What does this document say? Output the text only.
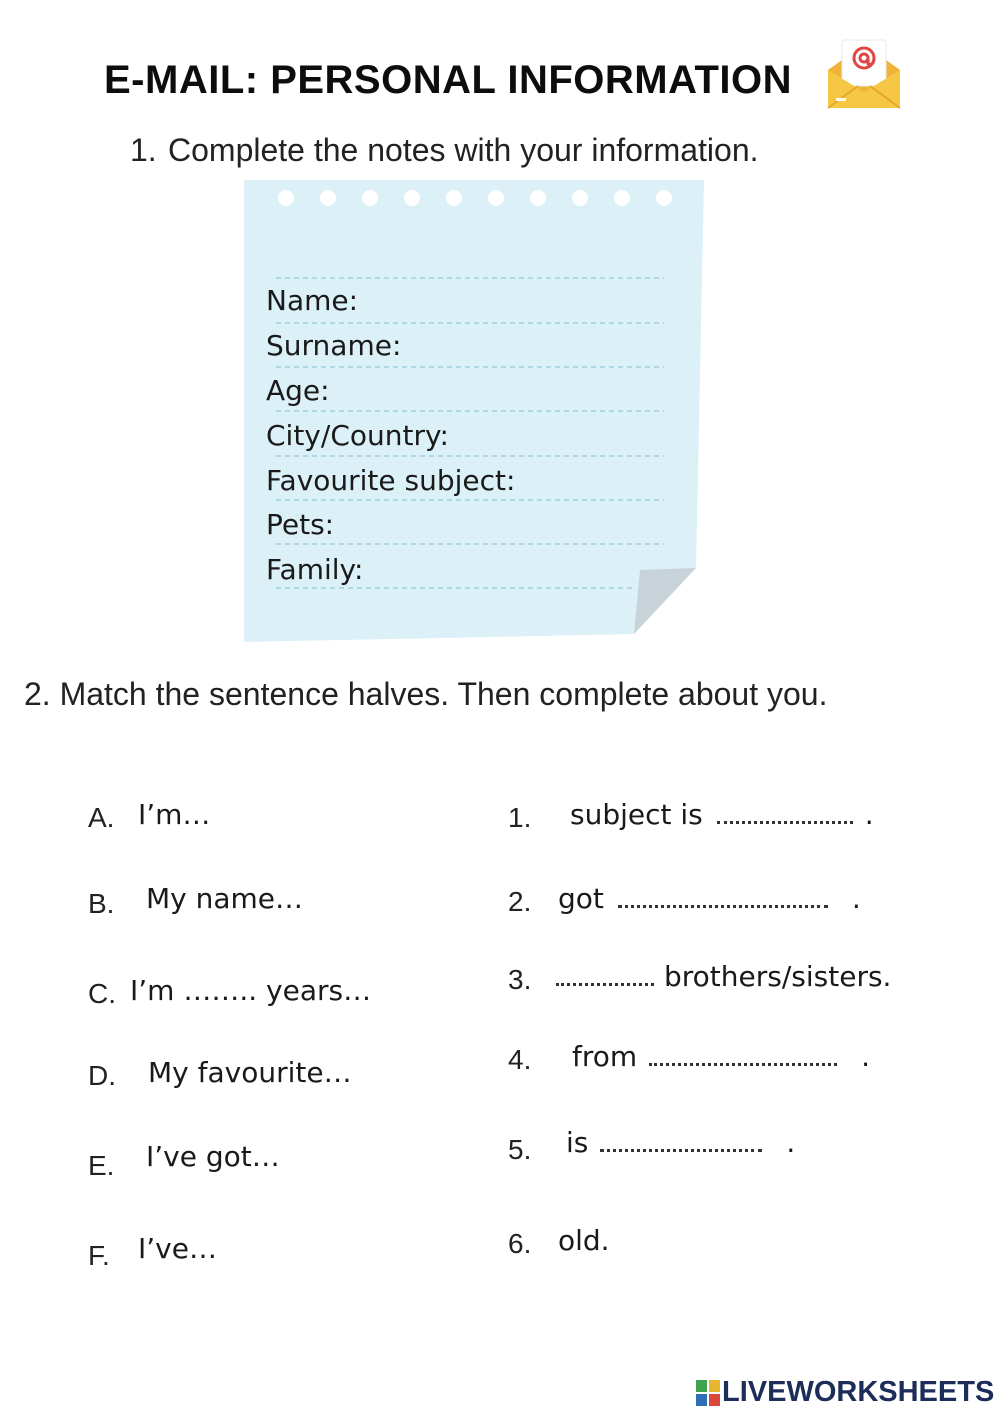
E-MAIL: PERSONAL INFORMATION
1. Complete the notes with your information.
Name:
Surname:
Age:
City/Country:
Favourite subject:
Pets:
Family:
2. Match the sentence halves. Then complete about you.
A. I’m…
B. My name…
C. I’m …….. years…
D. My favourite…
E. I’ve got…
F. I’ve…
1. subject is	.
2. got	.
3.	brothers/sisters.
4. from	.
5. is	.
6. old.
LIVEWORKSHEETS
